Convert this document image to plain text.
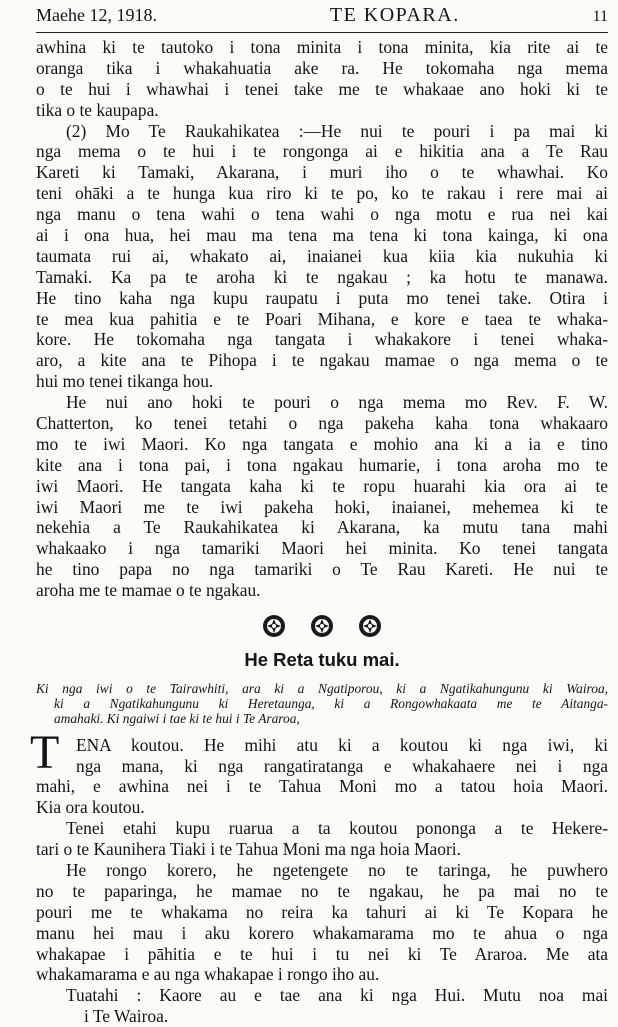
Maehe 12, 1918.	TE KOPARA.	11
awhina ki te tautoko i tona minita i tona minita, kia rite ai te
oranga tika i whakahuatia ake ra. He tokomaha nga mema
o te hui i whawhai i tenei take me te whakaae ano hoki ki te
tika o te kaupapa.
(2) Mo Te Raukahikatea :—He nui te pouri i pa mai ki
nga mema o te hui i te rongonga ai e hikitia ana a Te Rau
Kareti ki Tamaki, Akarana, i muri iho o te whawhai. Ko
teni ohāki a te hunga kua riro ki te po, ko te rakau i rere mai ai
nga manu o tena wahi o tena wahi o nga motu e rua nei kai
ai i ona hua, hei mau ma tena ma tena ki tona kainga, ki ona
taumata rui ai, whakato ai, inaianei kua kiia kia nukuhia ki
Tamaki. Ka pa te aroha ki te ngakau ; ka hotu te manawa.
He tino kaha nga kupu raupatu i puta mo tenei take. Otira i
te mea kua pahitia e te Poari Mihana, e kore e taea te whaka-
kore. He tokomaha nga tangata i whakakore i tenei whaka-
aro, a kite ana te Pihopa i te ngakau mamae o nga mema o te
hui mo tenei tikanga hou.
He nui ano hoki te pouri o nga mema mo Rev. F. W.
Chatterton, ko tenei tetahi o nga pakeha kaha tona whakaaro
mo te iwi Maori. Ko nga tangata e mohio ana ki a ia e tino
kite ana i tona pai, i tona ngakau humarie, i tona aroha mo te
iwi Maori. He tangata kaha ki te ropu huarahi kia ora ai te
iwi Maori me te iwi pakeha hoki, inaianei, mehemea ki te
nekehia a Te Raukahikatea ki Akarana, ka mutu tana mahi
whakaako i nga tamariki Maori hei minita. Ko tenei tangata
he tino papa no nga tamariki o Te Rau Kareti. He nui te
aroha me te mamae o te ngakau.
He Reta tuku mai.
Ki nga iwi o te Tairawhiti, ara ki a Ngatiporou, ki a Ngatikahungunu ki Wairoa,
ki a Ngatikahungunu ki Heretaunga, ki a Rongowhakaata me te Aitanga-
amahaki. Ki ngaiwi i tae ki te hui i Te Araroa,
T ENA koutou. He mihi atu ki a koutou ki nga iwi, ki
nga mana, ki nga rangatiratanga e whakahaere nei i nga
mahi, e awhina nei i te Tahua Moni mo a tatou hoia Maori.
Kia ora koutou.
Tenei etahi kupu ruarua a ta koutou pononga a te Hekere-
tari o te Kaunihera Tiaki i te Tahua Moni ma nga hoia Maori.
He rongo korero, he ngetengete no te taringa, he puwhero
no te paparinga, he mamae no te ngakau, he pa mai no te
pouri me te whakama no reira ka tahuri ai ki Te Kopara he
manu hei mau i aku korero whakamarama mo te ahua o nga
whakapae i pāhitia e te hui i tu nei ki Te Araroa. Me ata
whakamarama e au nga whakapae i rongo iho au.
Tuatahi : Kaore au e tae ana ki nga Hui. Mutu noa mai
i Te Wairoa.
